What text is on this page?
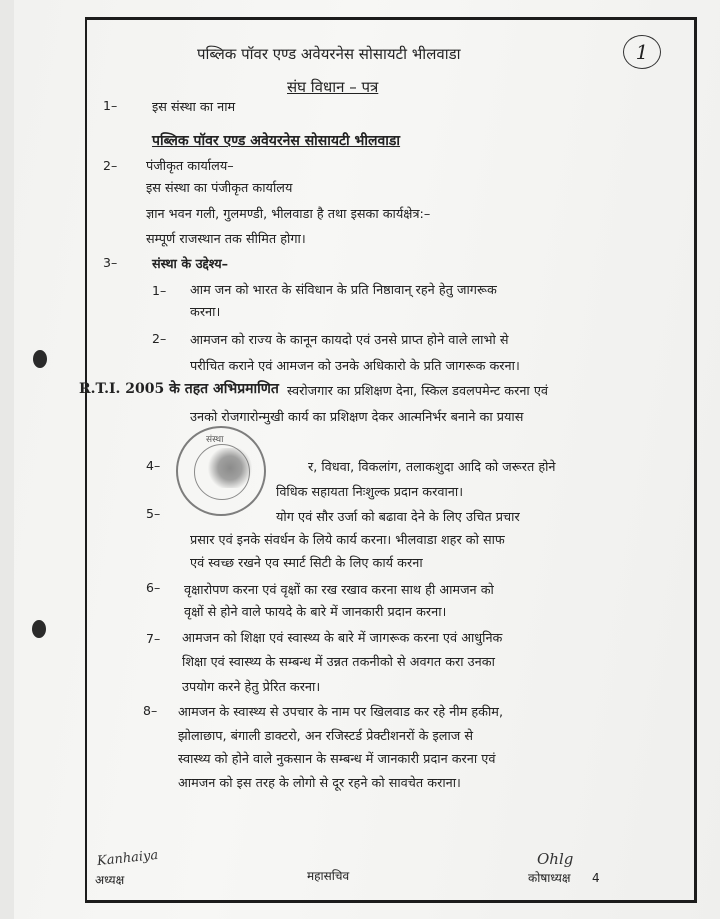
पब्लिक पॉवर एण्ड अवेयरनेस सोसायटी भीलवाडा
संघ विधान – पत्र
1
1–	इस संस्था का नाम
पब्लिक पॉवर एण्ड अवेयरनेस सोसायटी भीलवाडा
2– पंजीकृत कार्यालय–
इस संस्था का पंजीकृत कार्यालय
ज्ञान भवन गली, गुलमण्डी, भीलवाडा है तथा इसका कार्यक्षेत्र:–
सम्पूर्ण राजस्थान तक सीमित होगा।
3–	संस्था के उद्देश्य–
1– आम जन को भारत के संविधान के प्रति निष्ठावान् रहने हेतु जागरूक
करना।
2– आमजन को राज्य के कानून कायदो एवं उनसे प्राप्त होने वाले लाभो से
परीचित कराने एवं आमजन को उनके अधिकारो के प्रति जागरूक करना।
R.T.I. 2005 के तहत अभिप्रमाणित स्वरोजगार का प्रशिक्षण देना, स्किल डवलपमेन्ट करना एवं
उनको रोजगारोन्मुखी कार्य का प्रशिक्षण देकर आत्मनिर्भर बनाने का प्रयास
संस्था
4–	र, विधवा, विकलांग, तलाकशुदा आदि को जरूरत होने
विधिक सहायता निःशुल्क प्रदान करवाना।
5–	योग एवं सौर उर्जा को बढावा देने के लिए उचित प्रचार
प्रसार एवं इनके संवर्धन के लिये कार्य करना। भीलवाडा शहर को साफ
एवं स्वच्छ रखने एव स्मार्ट सिटी के लिए कार्य करना
6– वृक्षारोपण करना एवं वृक्षों का रख रखाव करना साथ ही आमजन को
वृक्षों से होने वाले फायदे के बारे में जानकारी प्रदान करना।
7– आमजन को शिक्षा एवं स्वास्थ्य के बारे में जागरूक करना एवं आधुनिक
शिक्षा एवं स्वास्थ्य के सम्बन्ध में उन्नत तकनीको से अवगत करा उनका
उपयोग करने हेतु प्रेरित करना।
8– आमजन के स्वास्थ्य से उपचार के नाम पर खिलवाड कर रहे नीम हकीम,
झोलाछाप, बंगाली डाक्टरो, अन रजिस्टर्ड प्रेक्टीशनरों के इलाज से
स्वास्थ्य को होने वाले नुकसान के सम्बन्ध में जानकारी प्रदान करना एवं
आमजन को इस तरह के लोगो से दूर रहने को सावचेत कराना।
Kanhaiya
अध्यक्ष	महासचिव
Ohlg
कोषाध्यक्ष 4
